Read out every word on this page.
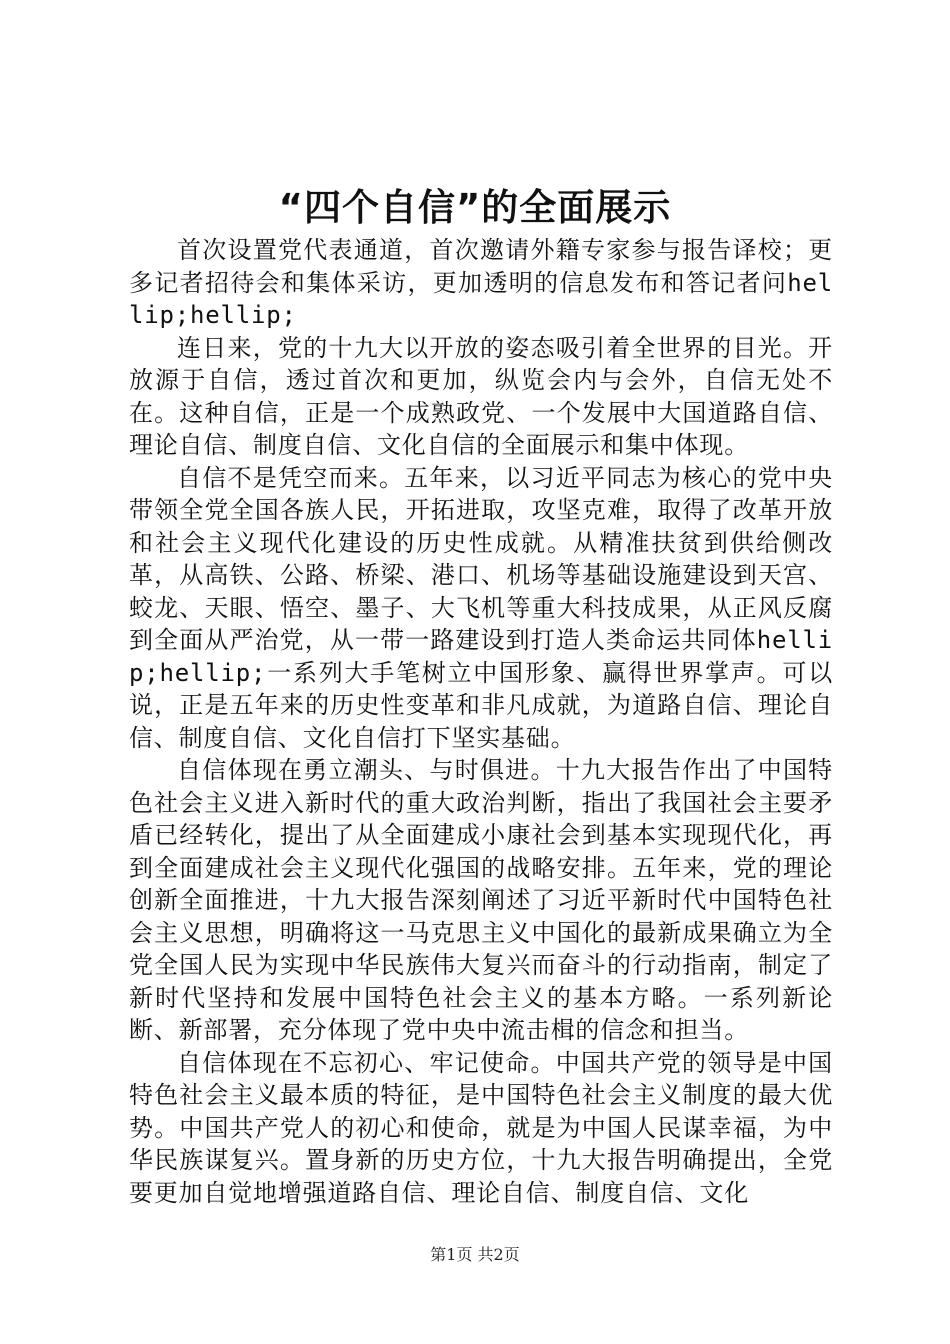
“四个自信”的全面展示

首次设置党代表通道，首次邀请外籍专家参与报告译校；更多记者招待会和集体采访，更加透明的信息发布和答记者问hellip;hellip;

连日来，党的十九大以开放的姿态吸引着全世界的目光。开放源于自信，透过首次和更加，纵览会内与会外，自信无处不在。这种自信，正是一个成熟政党、一个发展中大国道路自信、理论自信、制度自信、文化自信的全面展示和集中体现。

自信不是凭空而来。五年来，以习近平同志为核心的党中央带领全党全国各族人民，开拓进取，攻坚克难，取得了改革开放和社会主义现代化建设的历史性成就。从精准扶贫到供给侧改革，从高铁、公路、桥梁、港口、机场等基础设施建设到天宫、蛟龙、天眼、悟空、墨子、大飞机等重大科技成果，从正风反腐到全面从严治党，从一带一路建设到打造人类命运共同体hellip;hellip;一系列大手笔树立中国形象、赢得世界掌声。可以说，正是五年来的历史性变革和非凡成就，为道路自信、理论自信、制度自信、文化自信打下坚实基础。

自信体现在勇立潮头、与时俱进。十九大报告作出了中国特色社会主义进入新时代的重大政治判断，指出了我国社会主要矛盾已经转化，提出了从全面建成小康社会到基本实现现代化，再到全面建成社会主义现代化强国的战略安排。五年来，党的理论创新全面推进，十九大报告深刻阐述了习近平新时代中国特色社会主义思想，明确将这一马克思主义中国化的最新成果确立为全党全国人民为实现中华民族伟大复兴而奋斗的行动指南，制定了新时代坚持和发展中国特色社会主义的基本方略。一系列新论断、新部署，充分体现了党中央中流击楫的信念和担当。

自信体现在不忘初心、牢记使命。中国共产党的领导是中国特色社会主义最本质的特征，是中国特色社会主义制度的最大优势。中国共产党人的初心和使命，就是为中国人民谋幸福，为中华民族谋复兴。置身新的历史方位，十九大报告明确提出，全党要更加自觉地增强道路自信、理论自信、制度自信、文化

第1页 共2页
